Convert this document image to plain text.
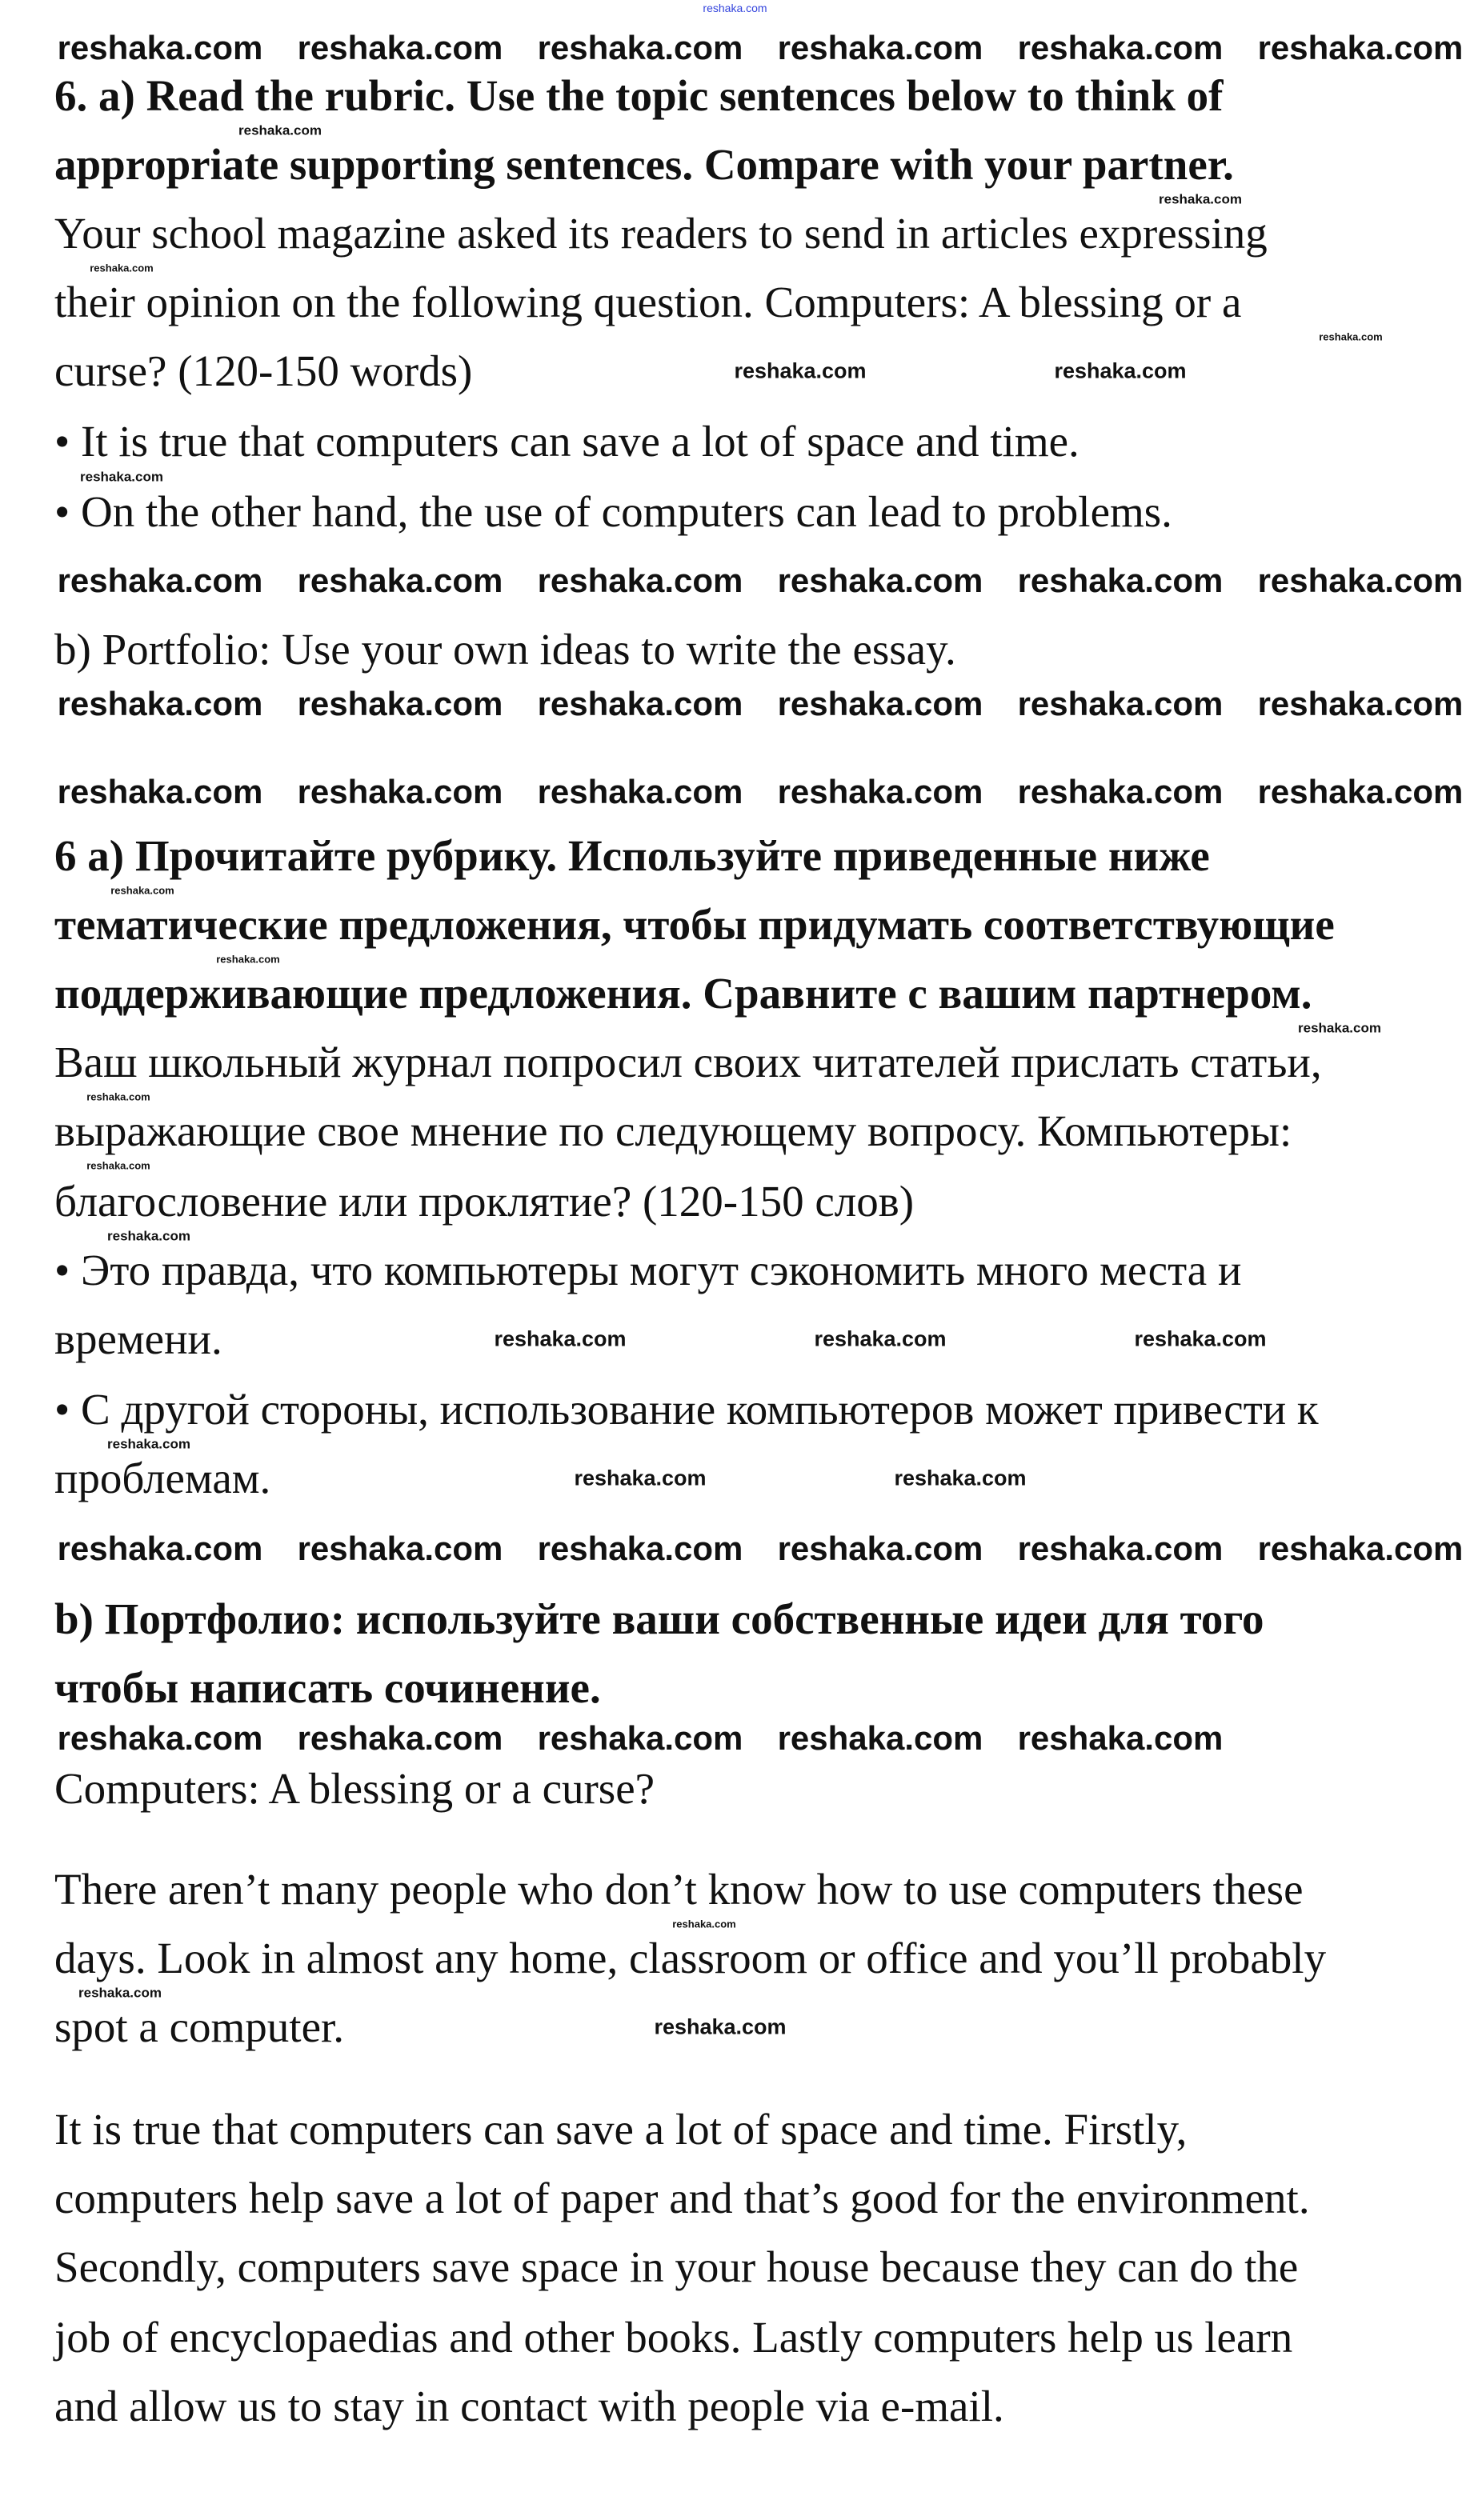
reshaka.com
6. a) Read the rubric. Use the topic sentences below to think of
appropriate supporting sentences. Compare with your partner.
Your school magazine asked its readers to send in articles expressing
their opinion on the following question. Computers: A blessing or a
curse? (120-150 words)
• It is true that computers can save a lot of space and time.
• On the other hand, the use of computers can lead to problems.
b) Portfolio: Use your own ideas to write the essay.
6 а) Прочитайте рубрику. Используйте приведенные ниже
тематические предложения, чтобы придумать соответствующие
поддерживающие предложения. Сравните с вашим партнером.
Ваш школьный журнал попросил своих читателей прислать статьи,
выражающие свое мнение по следующему вопросу. Компьютеры:
благословение или проклятие? (120-150 слов)
• Это правда, что компьютеры могут сэкономить много места и
времени.
• С другой стороны, использование компьютеров может привести к
проблемам.
b) Портфолио: используйте ваши собственные идеи для того
чтобы написать сочинение.
Computers: A blessing or a curse?
There aren’t many people who don’t know how to use computers these
days. Look in almost any home, classroom or office and you’ll probably
spot a computer.
It is true that computers can save a lot of space and time. Firstly,
computers help save a lot of paper and that’s good for the environment.
Secondly, computers save space in your house because they can do the
job of encyclopaedias and other books. Lastly computers help us learn
and allow us to stay in contact with people via e-mail.
reshaka.com reshaka.com reshaka.com reshaka.com reshaka.com reshaka.com
reshaka.com reshaka.com reshaka.com reshaka.com reshaka.com reshaka.com
reshaka.com reshaka.com reshaka.com reshaka.com reshaka.com reshaka.com
reshaka.com reshaka.com reshaka.com reshaka.com reshaka.com reshaka.com
reshaka.com reshaka.com reshaka.com reshaka.com reshaka.com reshaka.com
reshaka.com reshaka.com reshaka.com reshaka.com reshaka.com
reshaka.com	reshaka.com
reshaka.com	reshaka.com	reshaka.com
reshaka.com	reshaka.com
reshaka.com
reshaka.com
reshaka.com
reshaka.com
reshaka.com
reshaka.com
reshaka.com
reshaka.com
reshaka.com
reshaka.com
reshaka.com
reshaka.com
reshaka.com
reshaka.com
reshaka.com
